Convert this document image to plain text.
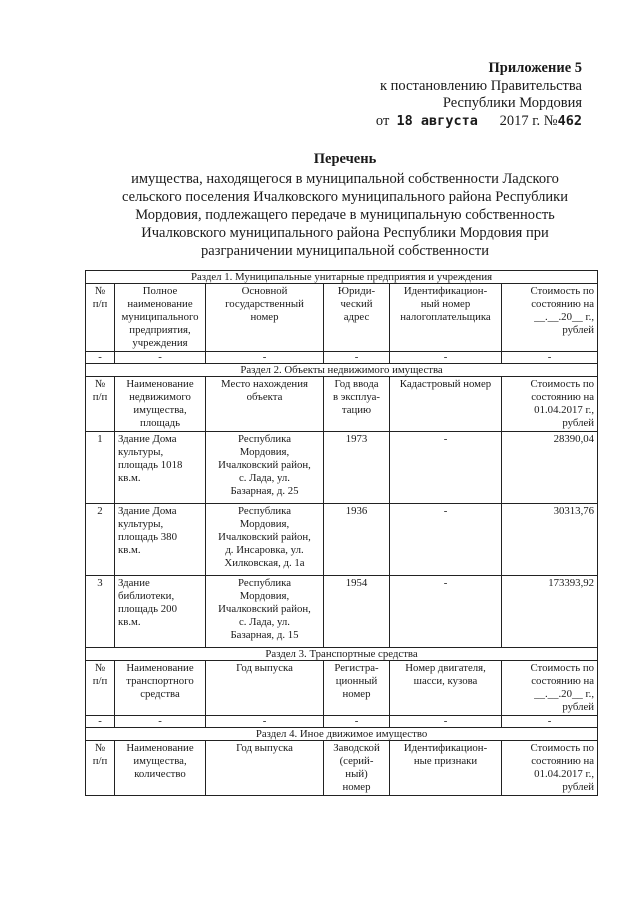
Приложение 5
к постановлению Правительства
Республики Мордовия
от 18 августа 2017 г. №462
Перечень
имущества, находящегося в муниципальной собственности Ладского
сельского поселения Ичалковского муниципального района Республики
Мордовия, подлежащего передаче в муниципальную собственность
Ичалковского муниципального района Республики Мордовия при
разграничении муниципальной собственности
Раздел 1. Муниципальные унитарные предприятия и учреждения					
№
п/п	Полное
наименование
муниципального
предприятия,
учреждения	Основной
государственный
номер	Юриди-
ческий
адрес	Идентификацион-
ный номер
налогоплательщика	Стоимость по
состоянию на
__.__.20__ г.,
рублей
-	-	-	-	-	-
Раздел 2. Объекты недвижимого имущества					
№
п/п	Наименование
недвижимого
имущества,
площадь	Место нахождения
объекта	Год ввода
в эксплуа-
тацию	Кадастровый номер	Стоимость по
состоянию на
01.04.2017 г.,
рублей
1	Здание Дома
культуры,
площадь 1018
кв.м.	Республика
Мордовия,
Ичалковский район,
с. Лада, ул.
Базарная, д. 25	1973	-	28390,04
2	Здание Дома
культуры,
площадь 380
кв.м.	Республика
Мордовия,
Ичалковский район,
д. Инсаровка, ул.
Хилковская, д. 1а	1936	-	30313,76
3	Здание
библиотеки,
площадь 200
кв.м.	Республика
Мордовия,
Ичалковский район,
с. Лада, ул.
Базарная, д. 15	1954	-	173393,92
Раздел 3. Транспортные средства					
№
п/п	Наименование
транспортного
средства	Год выпуска	Регистра-
ционный
номер	Номер двигателя,
шасси, кузова	Стоимость по
состоянию на
__.__.20__ г.,
рублей
-	-	-	-	-	-
Раздел 4. Иное движимое имущество					
№
п/п	Наименование
имущества,
количество	Год выпуска	Заводской
(серий-
ный)
номер	Идентификацион-
ные признаки	Стоимость по
состоянию на
01.04.2017 г.,
рублей
